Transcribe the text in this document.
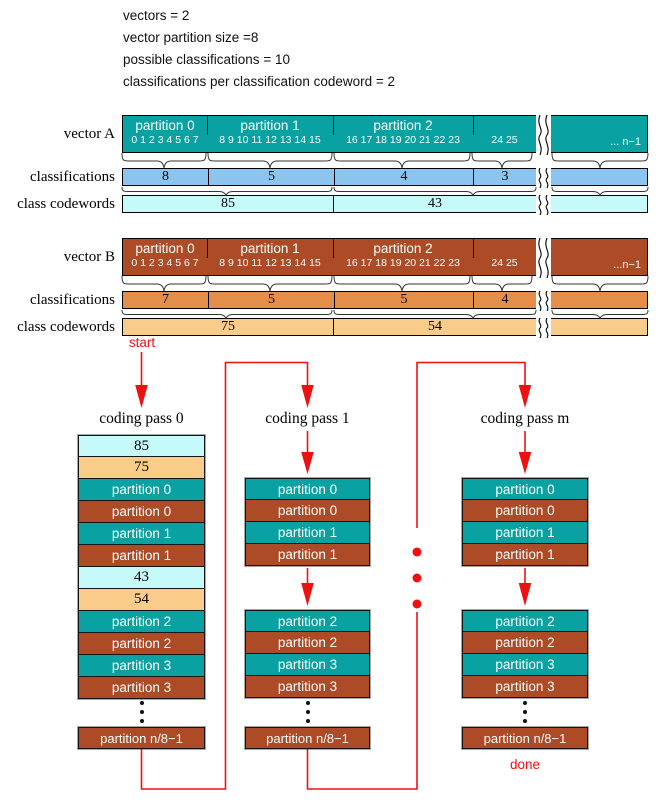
vectors = 2
vector partition size =8
possible classifications = 10
classifications per classification codeword = 2
vector A
classifications
class codewords
vector B
classifications
class codewords
partition 0
0 1 2 3 4 5 6 7
partition 1
8 9 10 11 12 13 14 15
partition 2
16 17 18 19 20 21 22 23
	24 25	... n−1
8	5	4	3
85	43
partition 0
0 1 2 3 4 5 6 7
partition 1
8 9 10 11 12 13 14 15
partition 2
16 17 18 19 20 21 22 23
	24 25	...n−1
7	5	5	4
75	54
start
done
coding pass 0	coding pass 1	coding pass m
85
75
partition 0
partition 0
partition 1
partition 1
43
54
partition 2
partition 2
partition 3
partition 3
partition n/8−1
partition 0
partition 0
partition 1
partition 1
partition 2
partition 2
partition 3
partition 3
partition n/8−1
partition 0
partition 0
partition 1
partition 1
partition 2
partition 2
partition 3
partition 3
partition n/8−1
